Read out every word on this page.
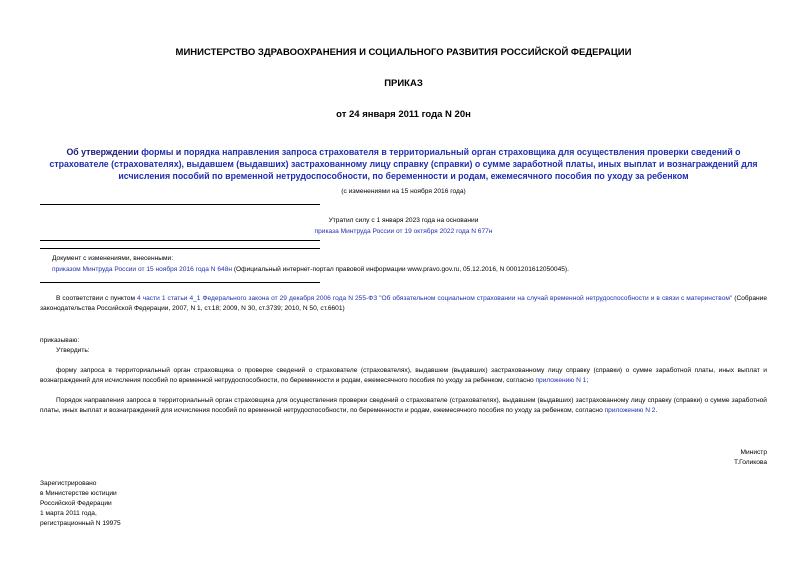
МИНИСТЕРСТВО ЗДРАВООХРАНЕНИЯ И СОЦИАЛЬНОГО РАЗВИТИЯ РОССИЙСКОЙ ФЕДЕРАЦИИ
ПРИКАЗ
от 24 января 2011 года N 20н
Об утверждении формы и порядка направления запроса страхователя в территориальный орган страховщика для осуществления проверки сведений о страхователе (страхователях), выдавшем (выдавших) застрахованному лицу справку (справки) о сумме заработной платы, иных выплат и вознаграждений для исчисления пособий по временной нетрудоспособности, по беременности и родам, ежемесячного пособия по уходу за ребенком
(с изменениями на 15 ноября 2016 года)
Утратил силу с 1 января 2023 года на основании
приказа Минтруда России от 19 октября 2022 года N 677н
Документ с изменениями, внесенными:
приказом Минтруда России от 15 ноября 2016 года N 648н (Официальный интернет-портал правовой информации www.pravo.gov.ru, 05.12.2016, N 0001201612050045).
В соответствии с пунктом 4 части 1 статьи 4_1 Федерального закона от 29 декабря 2006 года N 255-ФЗ "Об обязательном социальном страховании на случай временной нетрудоспособности и в связи с материнством" (Собрание законодательства Российской Федерации, 2007, N 1, ст.18; 2009, N 30, ст.3739; 2010, N 50, ст.6601)
приказываю:
Утвердить:
форму запроса в территориальный орган страховщика о проверке сведений о страхователе (страхователях), выдавшем (выдавших) застрахованному лицу справку (справки) о сумме заработной платы, иных выплат и вознаграждений для исчисления пособий по временной нетрудоспособности, по беременности и родам, ежемесячного пособия по уходу за ребенком, согласно приложению N 1;
Порядок направления запроса в территориальный орган страховщика для осуществления проверки сведений о страхователе (страхователях), выдавшем (выдавших) застрахованному лицу справку (справки) о сумме заработной платы, иных выплат и вознаграждений для исчисления пособий по временной нетрудоспособности, по беременности и родам, ежемесячного пособия по уходу за ребенком, согласно приложению N 2.
Министр
Т.Голикова
Зарегистрировано
в Министерстве юстиции
Российской Федерации
1 марта 2011 года,
регистрационный N 19975
